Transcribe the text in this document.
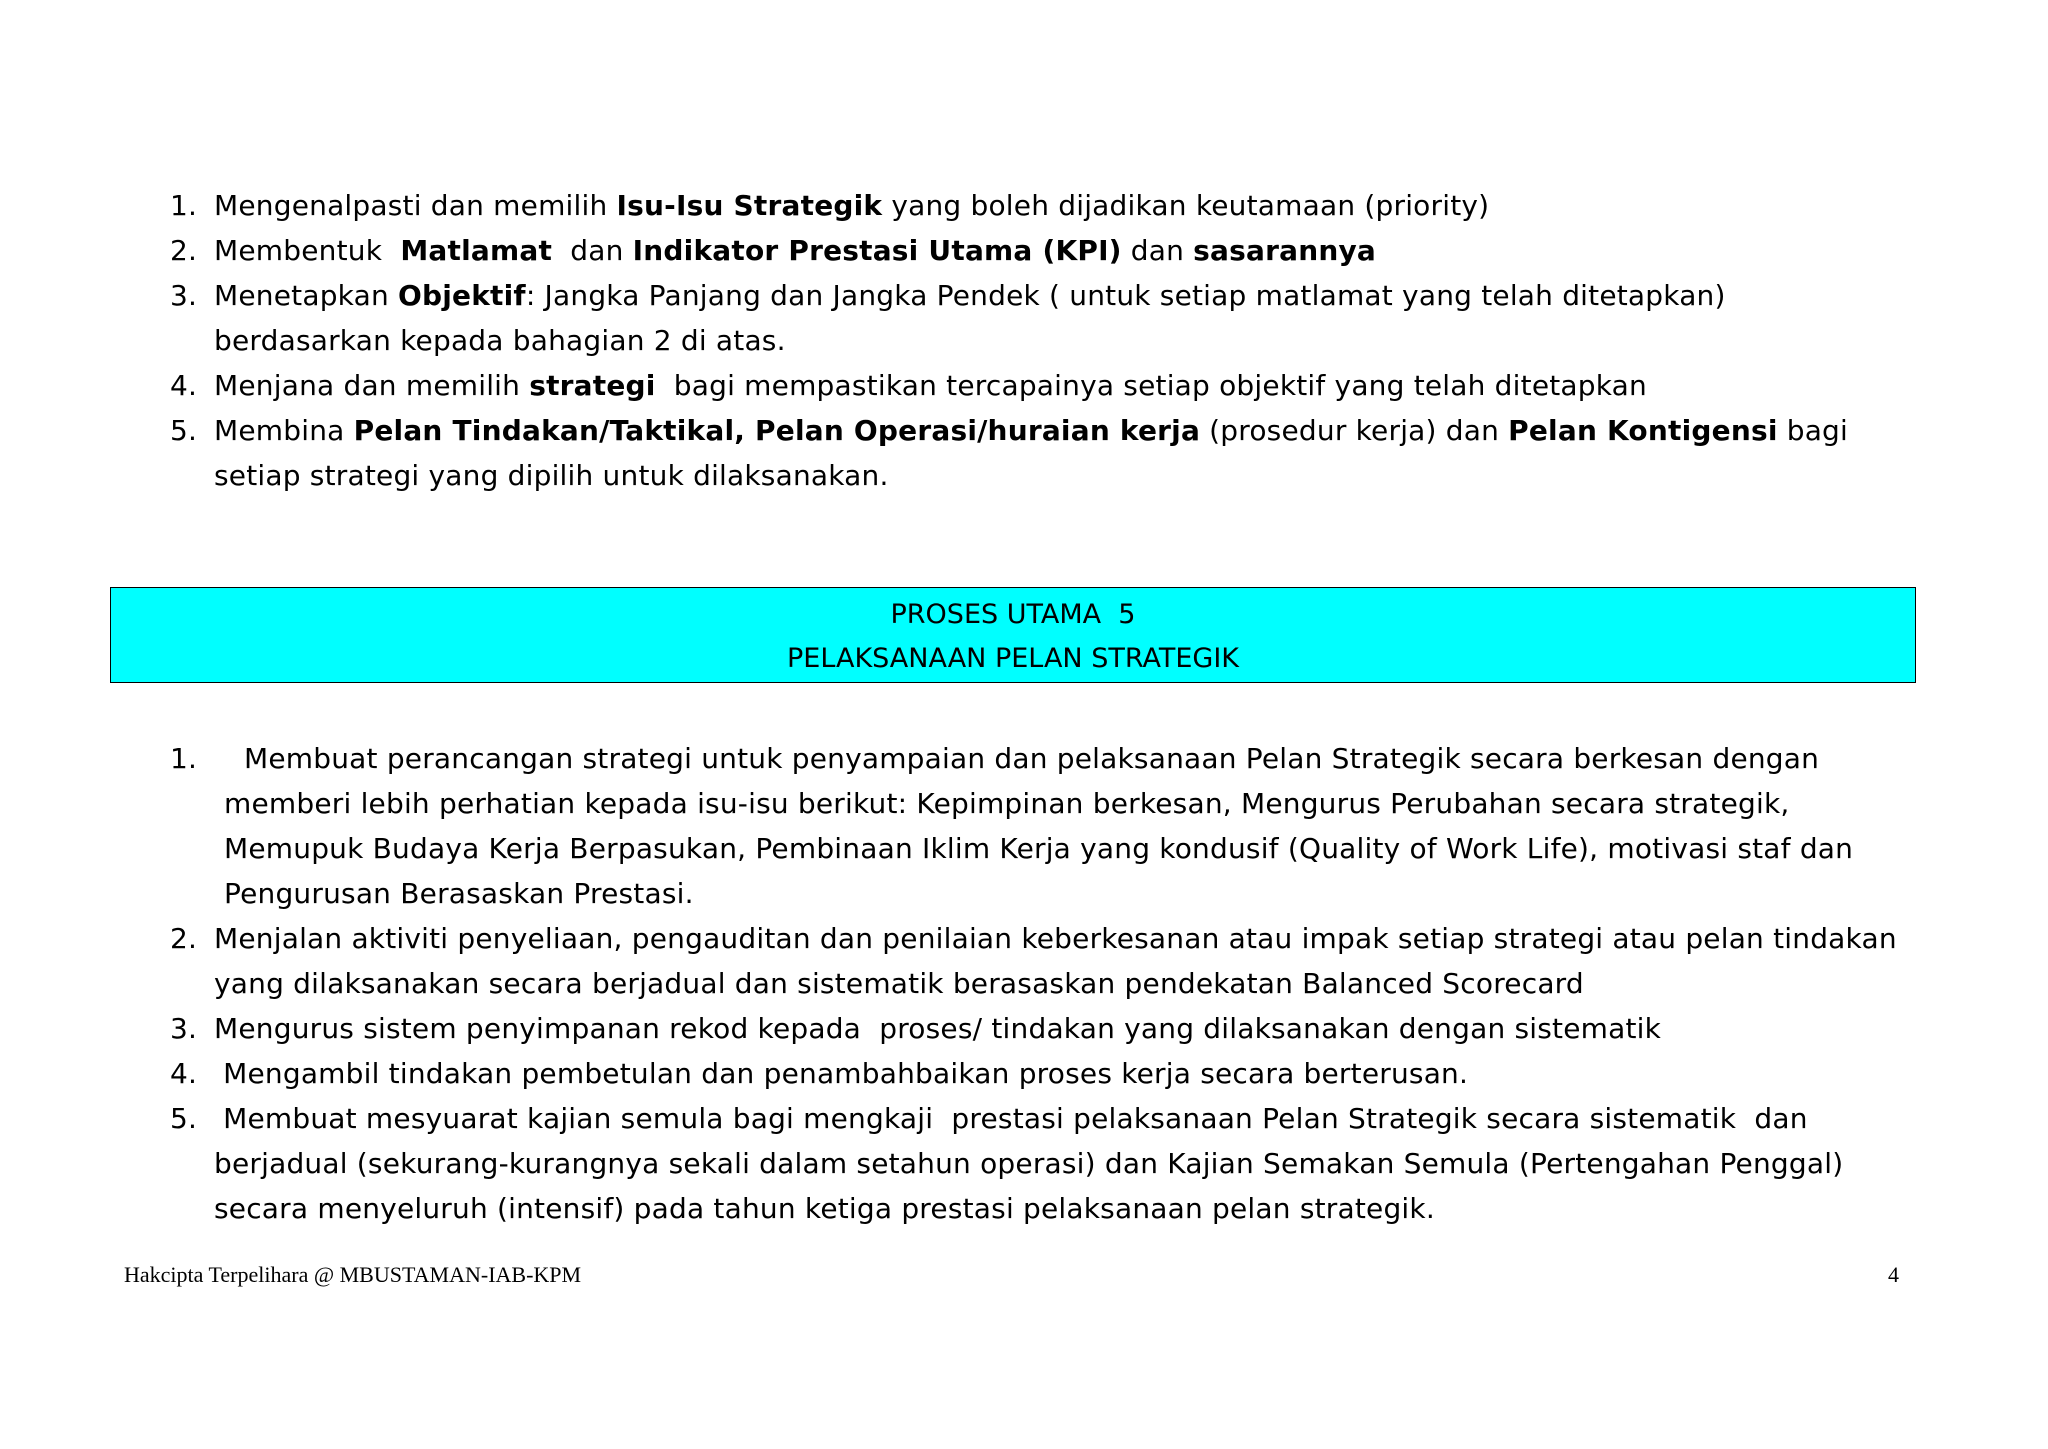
1. Mengenalpasti dan memilih Isu-Isu Strategik yang boleh dijadikan keutamaan (priority)
2. Membentuk  Matlamat  dan Indikator Prestasi Utama (KPI) dan sasarannya
3. Menetapkan Objektif: Jangka Panjang dan Jangka Pendek ( untuk setiap matlamat yang telah ditetapkan) berdasarkan kepada bahagian 2 di atas.
4. Menjana dan memilih strategi  bagi mempastikan tercapainya setiap objektif yang telah ditetapkan
5. Membina Pelan Tindakan/Taktikal, Pelan Operasi/huraian kerja (prosedur kerja) dan Pelan Kontigensi bagi setiap strategi yang dipilih untuk dilaksanakan.
PROSES UTAMA  5
PELAKSANAAN PELAN STRATEGIK
1.	Membuat perancangan strategi untuk penyampaian dan pelaksanaan Pelan Strategik secara berkesan dengan memberi lebih perhatian kepada isu-isu berikut: Kepimpinan berkesan, Mengurus Perubahan secara strategik, Memupuk Budaya Kerja Berpasukan, Pembinaan Iklim Kerja yang kondusif (Quality of Work Life), motivasi staf dan Pengurusan Berasaskan Prestasi.
2. Menjalan aktiviti penyeliaan, pengauditan dan penilaian keberkesanan atau impak setiap strategi atau pelan tindakan yang dilaksanakan secara berjadual dan sistematik berasaskan pendekatan Balanced Scorecard
3. Mengurus sistem penyimpanan rekod kepada  proses/ tindakan yang dilaksanakan dengan sistematik
4. Mengambil tindakan pembetulan dan penambahbaikan proses kerja secara berterusan.
5. Membuat mesyuarat kajian semula bagi mengkaji  prestasi pelaksanaan Pelan Strategik secara sistematik  dan berjadual (sekurang-kurangnya sekali dalam setahun operasi) dan Kajian Semakan Semula (Pertengahan Penggal) secara menyeluruh (intensif) pada tahun ketiga prestasi pelaksanaan pelan strategik.
Hakcipta Terpelihara @ MBUSTAMAN-IAB-KPM	4
